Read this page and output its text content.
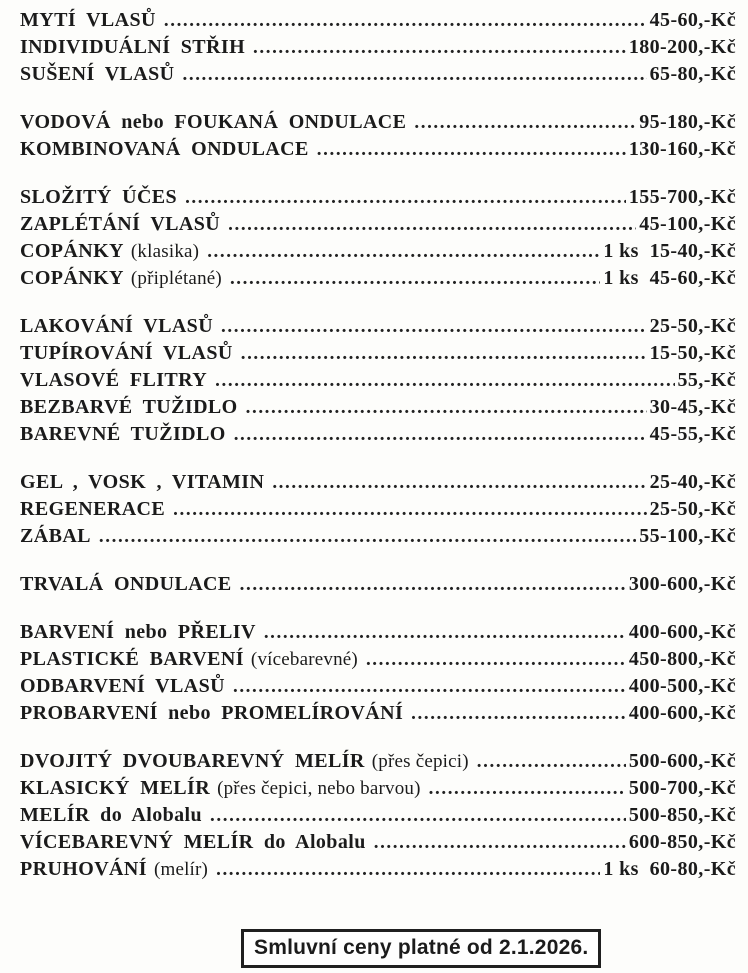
MYTÍ VLASŮ .....	45-60,-Kč
INDIVIDUÁLNÍ STŘIH .....	180-200,-Kč
SUŠENÍ VLASŮ .....	65-80,-Kč
VODOVÁ nebo FOUKANÁ ONDULACE .....	95-180,-Kč
KOMBINOVANÁ ONDULACE .....	130-160,-Kč
SLOŽITÝ ÚČES .....	155-700,-Kč
ZAPLÉTÁNÍ VLASŮ .....	45-100,-Kč
COPÁNKY (klasika) .....	1 ks  15-40,-Kč
COPÁNKY (připlétané) .....	1 ks  45-60,-Kč
LAKOVÁNÍ VLASŮ .....	25-50,-Kč
TUPÍROVÁNÍ VLASŮ .....	15-50,-Kč
VLASOVÉ FLITRY .....	55,-Kč
BEZBARVÉ TUŽIDLO .....	30-45,-Kč
BAREVNÉ TUŽIDLO .....	45-55,-Kč
GEL , VOSK , VITAMIN .....	25-40,-Kč
REGENERACE .....	25-50,-Kč
ZÁBAL .....	55-100,-Kč
TRVALÁ ONDULACE .....	300-600,-Kč
BARVENÍ nebo PŘELIV .....	400-600,-Kč
PLASTICKÉ BARVENÍ (vícebarevné) .....	450-800,-Kč
ODBARVENÍ VLASŮ .....	400-500,-Kč
PROBARVENÍ nebo PROMELÍROVÁNÍ .....	400-600,-Kč
DVOJITÝ DVOUBAREVNÝ MELÍR (přes čepici) .....	500-600,-Kč
KLASICKÝ MELÍR (přes čepici, nebo barvou) .....	500-700,-Kč
MELÍR do Alobalu .....	500-850,-Kč
VÍCEBAREVNÝ MELÍR do Alobalu .....	600-850,-Kč
PRUHOVÁNÍ (melír) .....	1 ks  60-80,-Kč
Smluvní ceny platné od 2.1.2026.
